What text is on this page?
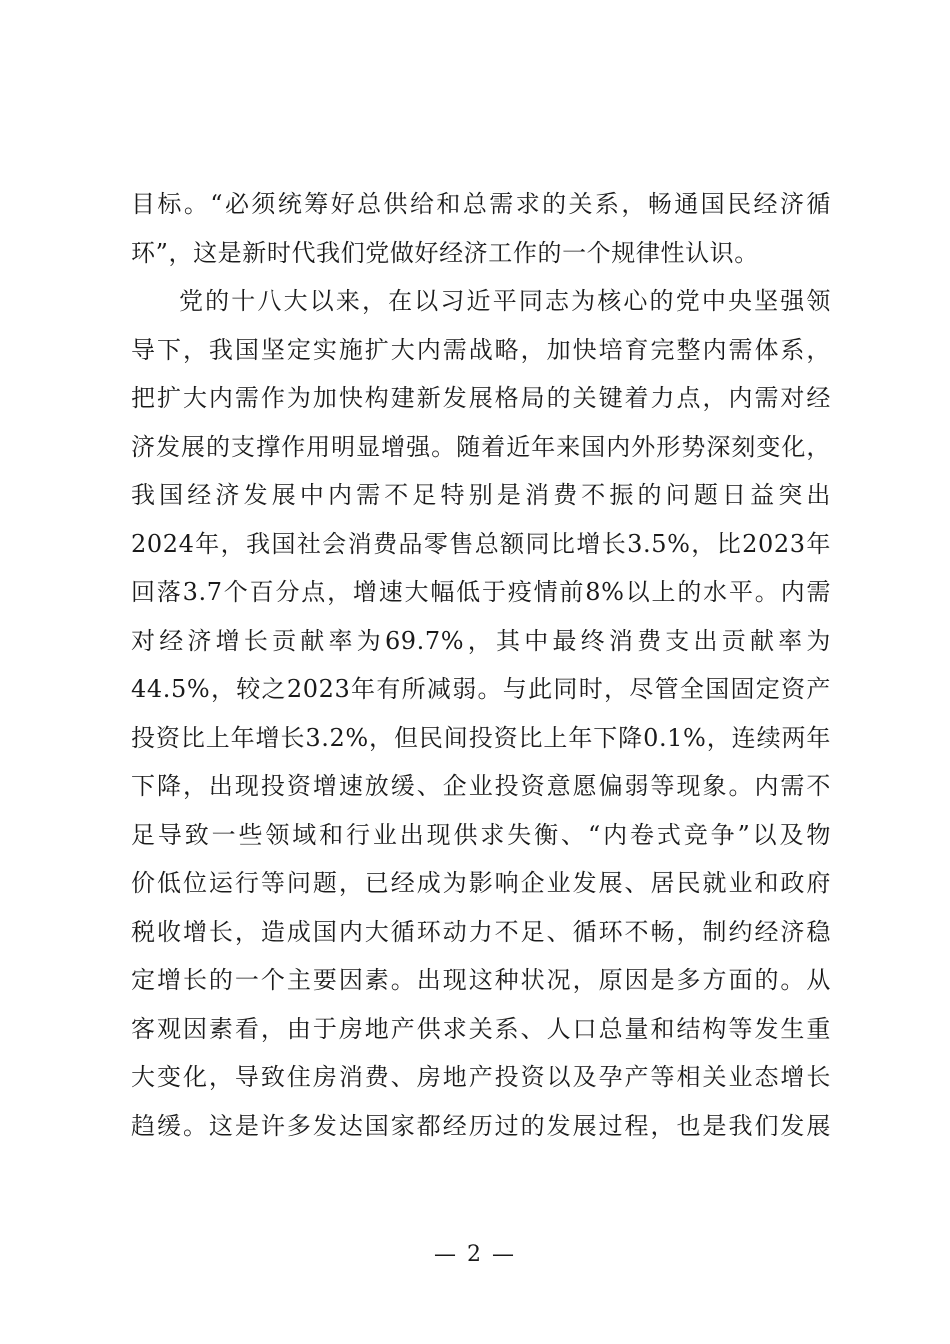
目标。“必须统筹好总供给和总需求的关系，畅通国民经济循
环”，这是新时代我们党做好经济工作的一个规律性认识。
党的十八大以来，在以习近平同志为核心的党中央坚强领
导下，我国坚定实施扩大内需战略，加快培育完整内需体系，
把扩大内需作为加快构建新发展格局的关键着力点，内需对经
济发展的支撑作用明显增强。随着近年来国内外形势深刻变化，
我国经济发展中内需不足特别是消费不振的问题日益突出
2024年，我国社会消费品零售总额同比增长3.5%，比2023年
回落3.7个百分点，增速大幅低于疫情前8%以上的水平。内需
对经济增长贡献率为69.7%，其中最终消费支出贡献率为
44.5%，较之2023年有所减弱。与此同时，尽管全国固定资产
投资比上年增长3.2%，但民间投资比上年下降0.1%，连续两年
下降，出现投资增速放缓、企业投资意愿偏弱等现象。内需不
足导致一些领域和行业出现供求失衡、“内卷式竞争”以及物
价低位运行等问题，已经成为影响企业发展、居民就业和政府
税收增长，造成国内大循环动力不足、循环不畅，制约经济稳
定增长的一个主要因素。出现这种状况，原因是多方面的。从
客观因素看，由于房地产供求关系、人口总量和结构等发生重
大变化，导致住房消费、房地产投资以及孕产等相关业态增长
趋缓。这是许多发达国家都经历过的发展过程，也是我们发展
— 2 —
